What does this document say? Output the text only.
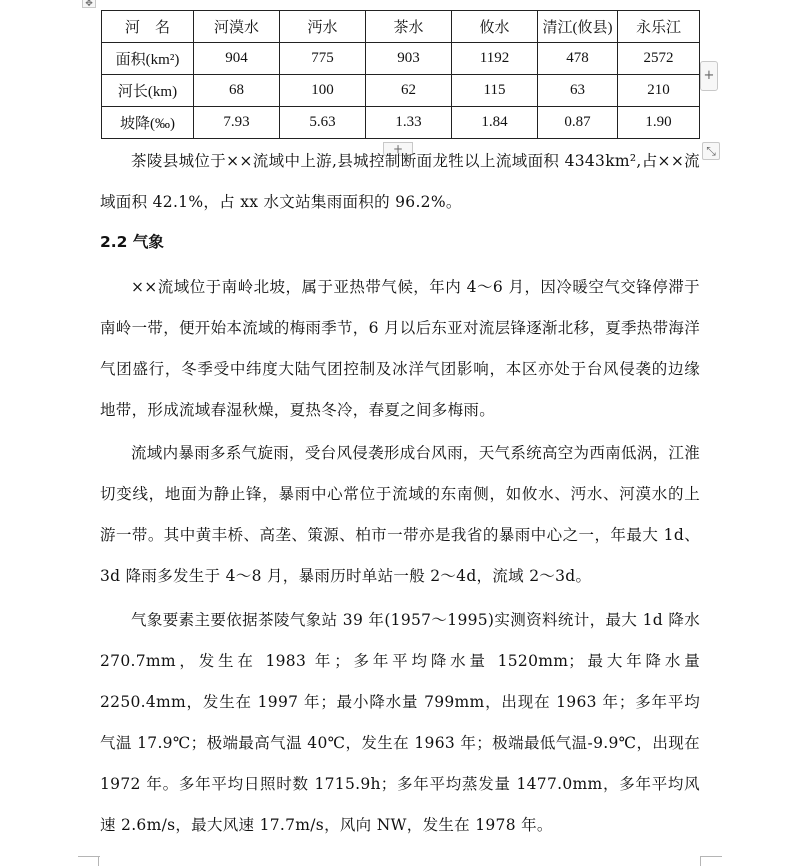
✥
河　名	河漠水	沔水	茶水	攸水	清江(攸县)	永乐江
面积(km²)	904	775	903	1192	478	2572
河长(km)	68	100	62	115	63	210
坡降(‰)	7.93	5.63	1.33	1.84	0.87	1.90
+
+	⤡
茶陵县城位于××流域中上游,县城控制断面龙牲以上流域面积 4343km²,占××流域面积 42.1%，占 xx 水文站集雨面积的 96.2%。
2.2 气象
××流域位于南岭北坡，属于亚热带气候，年内 4～6 月，因冷暖空气交锋停滞于南岭一带，便开始本流域的梅雨季节，6 月以后东亚对流层锋逐渐北移，夏季热带海洋气团盛行，冬季受中纬度大陆气团控制及冰洋气团影响，本区亦处于台风侵袭的边缘地带，形成流域春湿秋燥，夏热冬冷，春夏之间多梅雨。
流域内暴雨多系气旋雨，受台风侵袭形成台风雨，天气系统高空为西南低涡，江淮切变线，地面为静止锋，暴雨中心常位于流域的东南侧，如攸水、沔水、河漠水的上游一带。其中黄丰桥、高垄、策源、柏市一带亦是我省的暴雨中心之一，年最大 1d、3d 降雨多发生于 4～8 月，暴雨历时单站一般 2～4d，流域 2～3d。
气象要素主要依据茶陵气象站 39 年(1957～1995)实测资料统计，最大 1d 降水 270.7mm，发生在 1983 年；多年平均降水量 1520mm；最大年降水量 2250.4mm，发生在 1997 年；最小降水量 799mm，出现在 1963 年；多年平均气温 17.9℃；极端最高气温 40℃，发生在 1963 年；极端最低气温-9.9℃，出现在 1972 年。多年平均日照时数 1715.9h；多年平均蒸发量 1477.0mm，多年平均风速 2.6m/s，最大风速 17.7m/s，风向 NW，发生在 1978 年。
